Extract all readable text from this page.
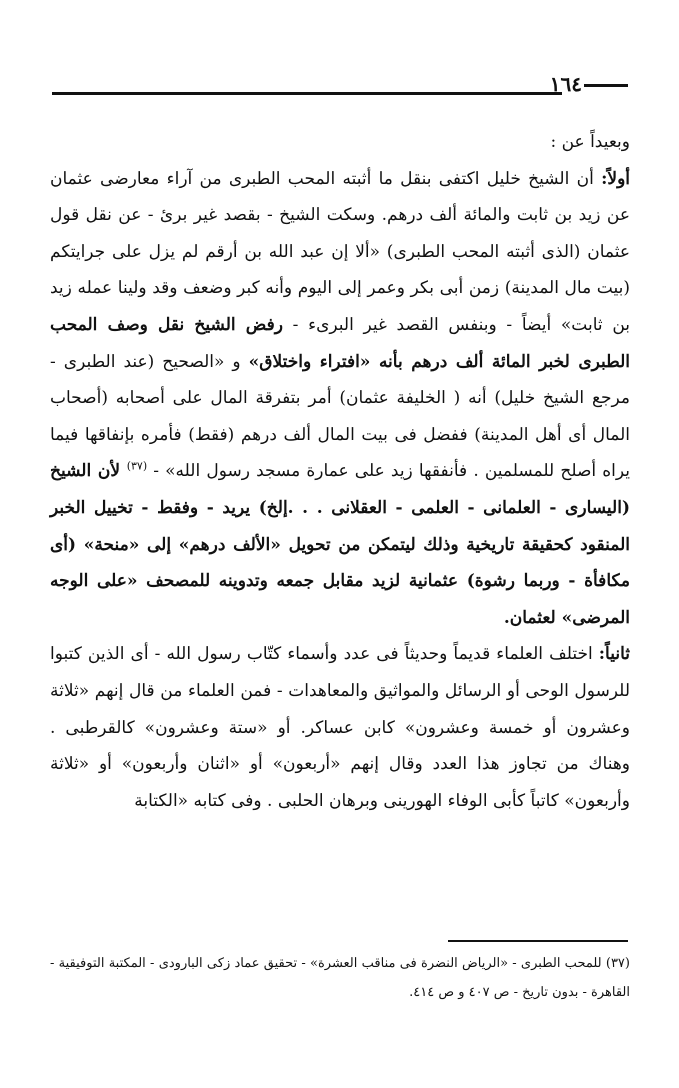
١٦٤

وبعيداً عن :

أولاً: أن الشيخ خليل اكتفى بنقل ما أثبته المحب الطبرى من آراء معارضى عثمان عن زيد بن ثابت والمائة ألف درهم. وسكت الشيخ - بقصد غير برئ - عن نقل قول عثمان (الذى أثبته المحب الطبرى) «ألا إن عبد الله بن أرقم لم يزل على جرايتكم (بيت مال المدينة) زمن أبى بكر وعمر إلى اليوم وأنه كبر وضعف وقد ولينا عمله زيد بن ثابت» أيضاً - وبنفس القصد غير البرىء - رفض الشيخ نقل وصف المحب الطبرى لخبر المائة ألف درهم بأنه «افتراء واختلاق» و «الصحيح (عند الطبرى - مرجع الشيخ خليل) أنه ( الخليفة عثمان) أمر بتفرقة المال على أصحابه (أصحاب المال أى أهل المدينة) ففضل فى بيت المال ألف درهم (فقط) فأمره بإنفاقها فيما يراه أصلح للمسلمين . فأنفقها زيد على عمارة مسجد رسول الله» - $^{(٣٧)}$ لأن الشيخ (اليسارى - العلمانى - العلمى - العقلانى . . .إلخ) يريد - وفقط - تخييل الخبر المنقود كحقيقة تاريخية وذلك ليتمكن من تحويل «الألف درهم» إلى «منحة» (أى مكافأة - وربما رشوة) عثمانية لزيد مقابل جمعه وتدوينه للمصحف «على الوجه المرضى» لعثمان.

ثانياً: اختلف العلماء قديماً وحديثاً فى عدد وأسماء كتّاب رسول الله - أى الذين كتبوا للرسول الوحى أو الرسائل والمواثيق والمعاهدات - فمن العلماء من قال إنهم «ثلاثة وعشرون أو خمسة وعشرون» كابن عساكر. أو «ستة وعشرون» كالقرطبى . وهناك من تجاوز هذا العدد وقال إنهم «أربعون» أو «اثنان وأربعون» أو «ثلاثة وأربعون» كاتباً كأبى الوفاء الهورينى وبرهان الحلبى . وفى كتابه «الكتابة

(٣٧) للمحب الطبرى - «الرياض النضرة فى مناقب العشرة» - تحقيق عماد زكى البارودى - المكتبة التوفيقية - القاهرة - بدون تاريخ - ص ٤٠٧ و ص ٤١٤.
